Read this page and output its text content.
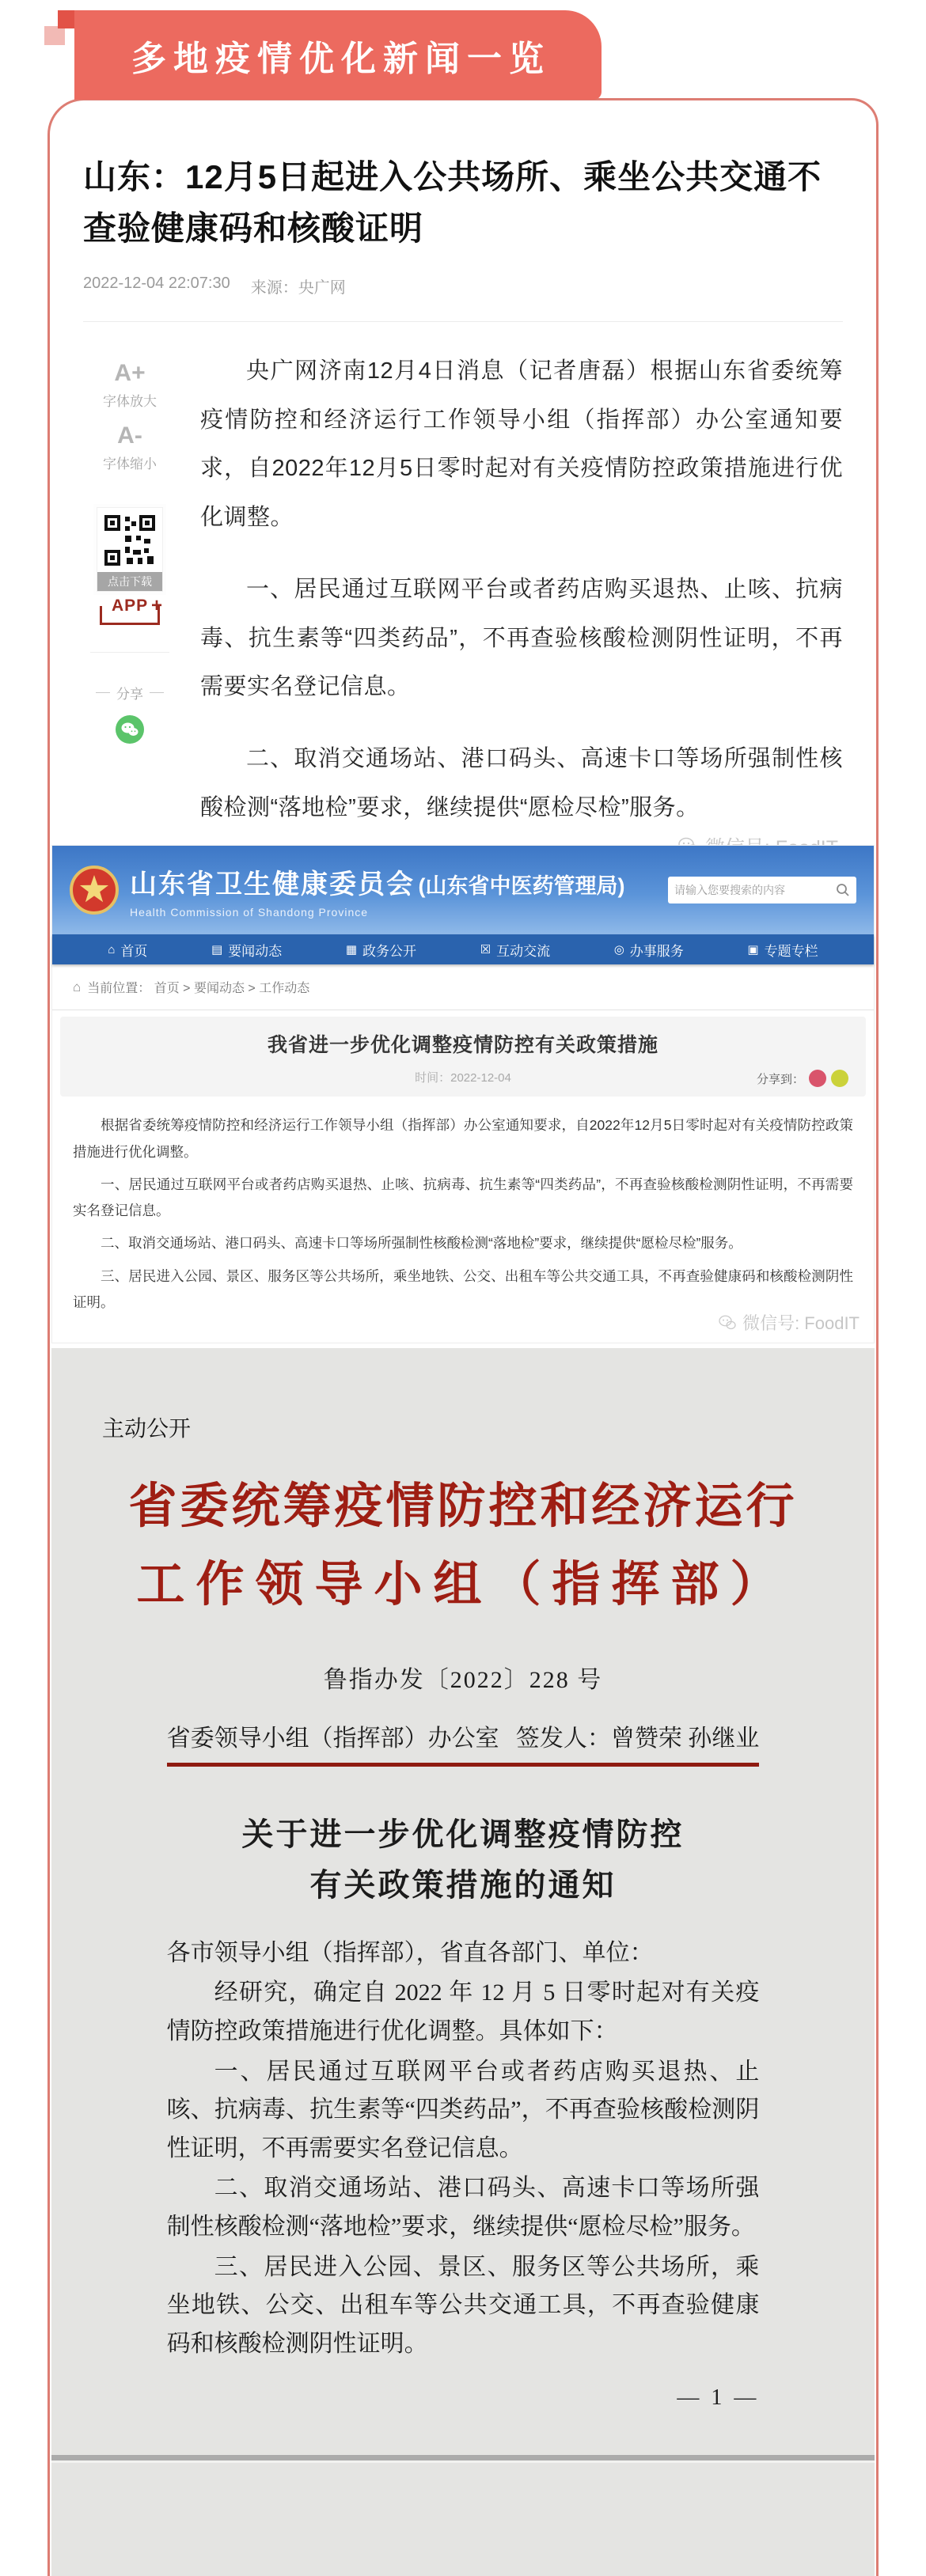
多地疫情优化新闻一览
山东：12月5日起进入公共场所、乘坐公共交通不查验健康码和核酸证明
2022-12-04 22:07:30 来源：央广网
A+
字体放大
A-
字体缩小
点击下载
APP +
分享

央广网济南12月4日消息（记者唐磊）根据山东省委统筹疫情防控和经济运行工作领导小组（指挥部）办公室通知要求，自2022年12月5日零时起对有关疫情防控政策措施进行优化调整。

一、居民通过互联网平台或者药店购买退热、止咳、抗病毒、抗生素等“四类药品”，不再查验核酸检测阴性证明，不再需要实名登记信息。

二、取消交通场站、港口码头、高速卡口等场所强制性核酸检测“落地检”要求，继续提供“愿检尽检”服务。

山东省卫生健康委员会 (山东省中医药管理局)
Health Commission of Shandong Province
请输入您要搜索的内容
⌂ 首页	▤ 要闻动态	▦ 政务公开	☒ 互动交流	◎ 办事服务	▣ 专题专栏
⌂ 当前位置： 首页 > 要闻动态 > 工作动态
我省进一步优化调整疫情防控有关政策措施
时间：2022-12-04	分享到：

根据省委统筹疫情防控和经济运行工作领导小组（指挥部）办公室通知要求，自2022年12月5日零时起对有关疫情防控政策措施进行优化调整。

一、居民通过互联网平台或者药店购买退热、止咳、抗病毒、抗生素等“四类药品”，不再查验核酸检测阴性证明，不再需要实名登记信息。

二、取消交通场站、港口码头、高速卡口等场所强制性核酸检测“落地检”要求，继续提供“愿检尽检”服务。

三、居民进入公园、景区、服务区等公共场所，乘坐地铁、公交、出租车等公共交通工具，不再查验健康码和核酸检测阴性证明。

微信号: FoodIT
主动公开
省委统筹疫情防控和经济运行
工作领导小组（指挥部）
鲁指办发〔2022〕228 号
省委领导小组（指挥部）办公室 签发人：曾赞荣 孙继业
关于进一步优化调整疫情防控
有关政策措施的通知
各市领导小组（指挥部），省直各部门、单位：

经研究，确定自 2022 年 12 月 5 日零时起对有关疫情防控政策措施进行优化调整。具体如下：

一、居民通过互联网平台或者药店购买退热、止咳、抗病毒、抗生素等“四类药品”，不再查验核酸检测阴性证明，不再需要实名登记信息。

二、取消交通场站、港口码头、高速卡口等场所强制性核酸检测“落地检”要求，继续提供“愿检尽检”服务。

三、居民进入公园、景区、服务区等公共场所，乘坐地铁、公交、出租车等公共交通工具，不再查验健康码和核酸检测阴性证明。

— 1 —
